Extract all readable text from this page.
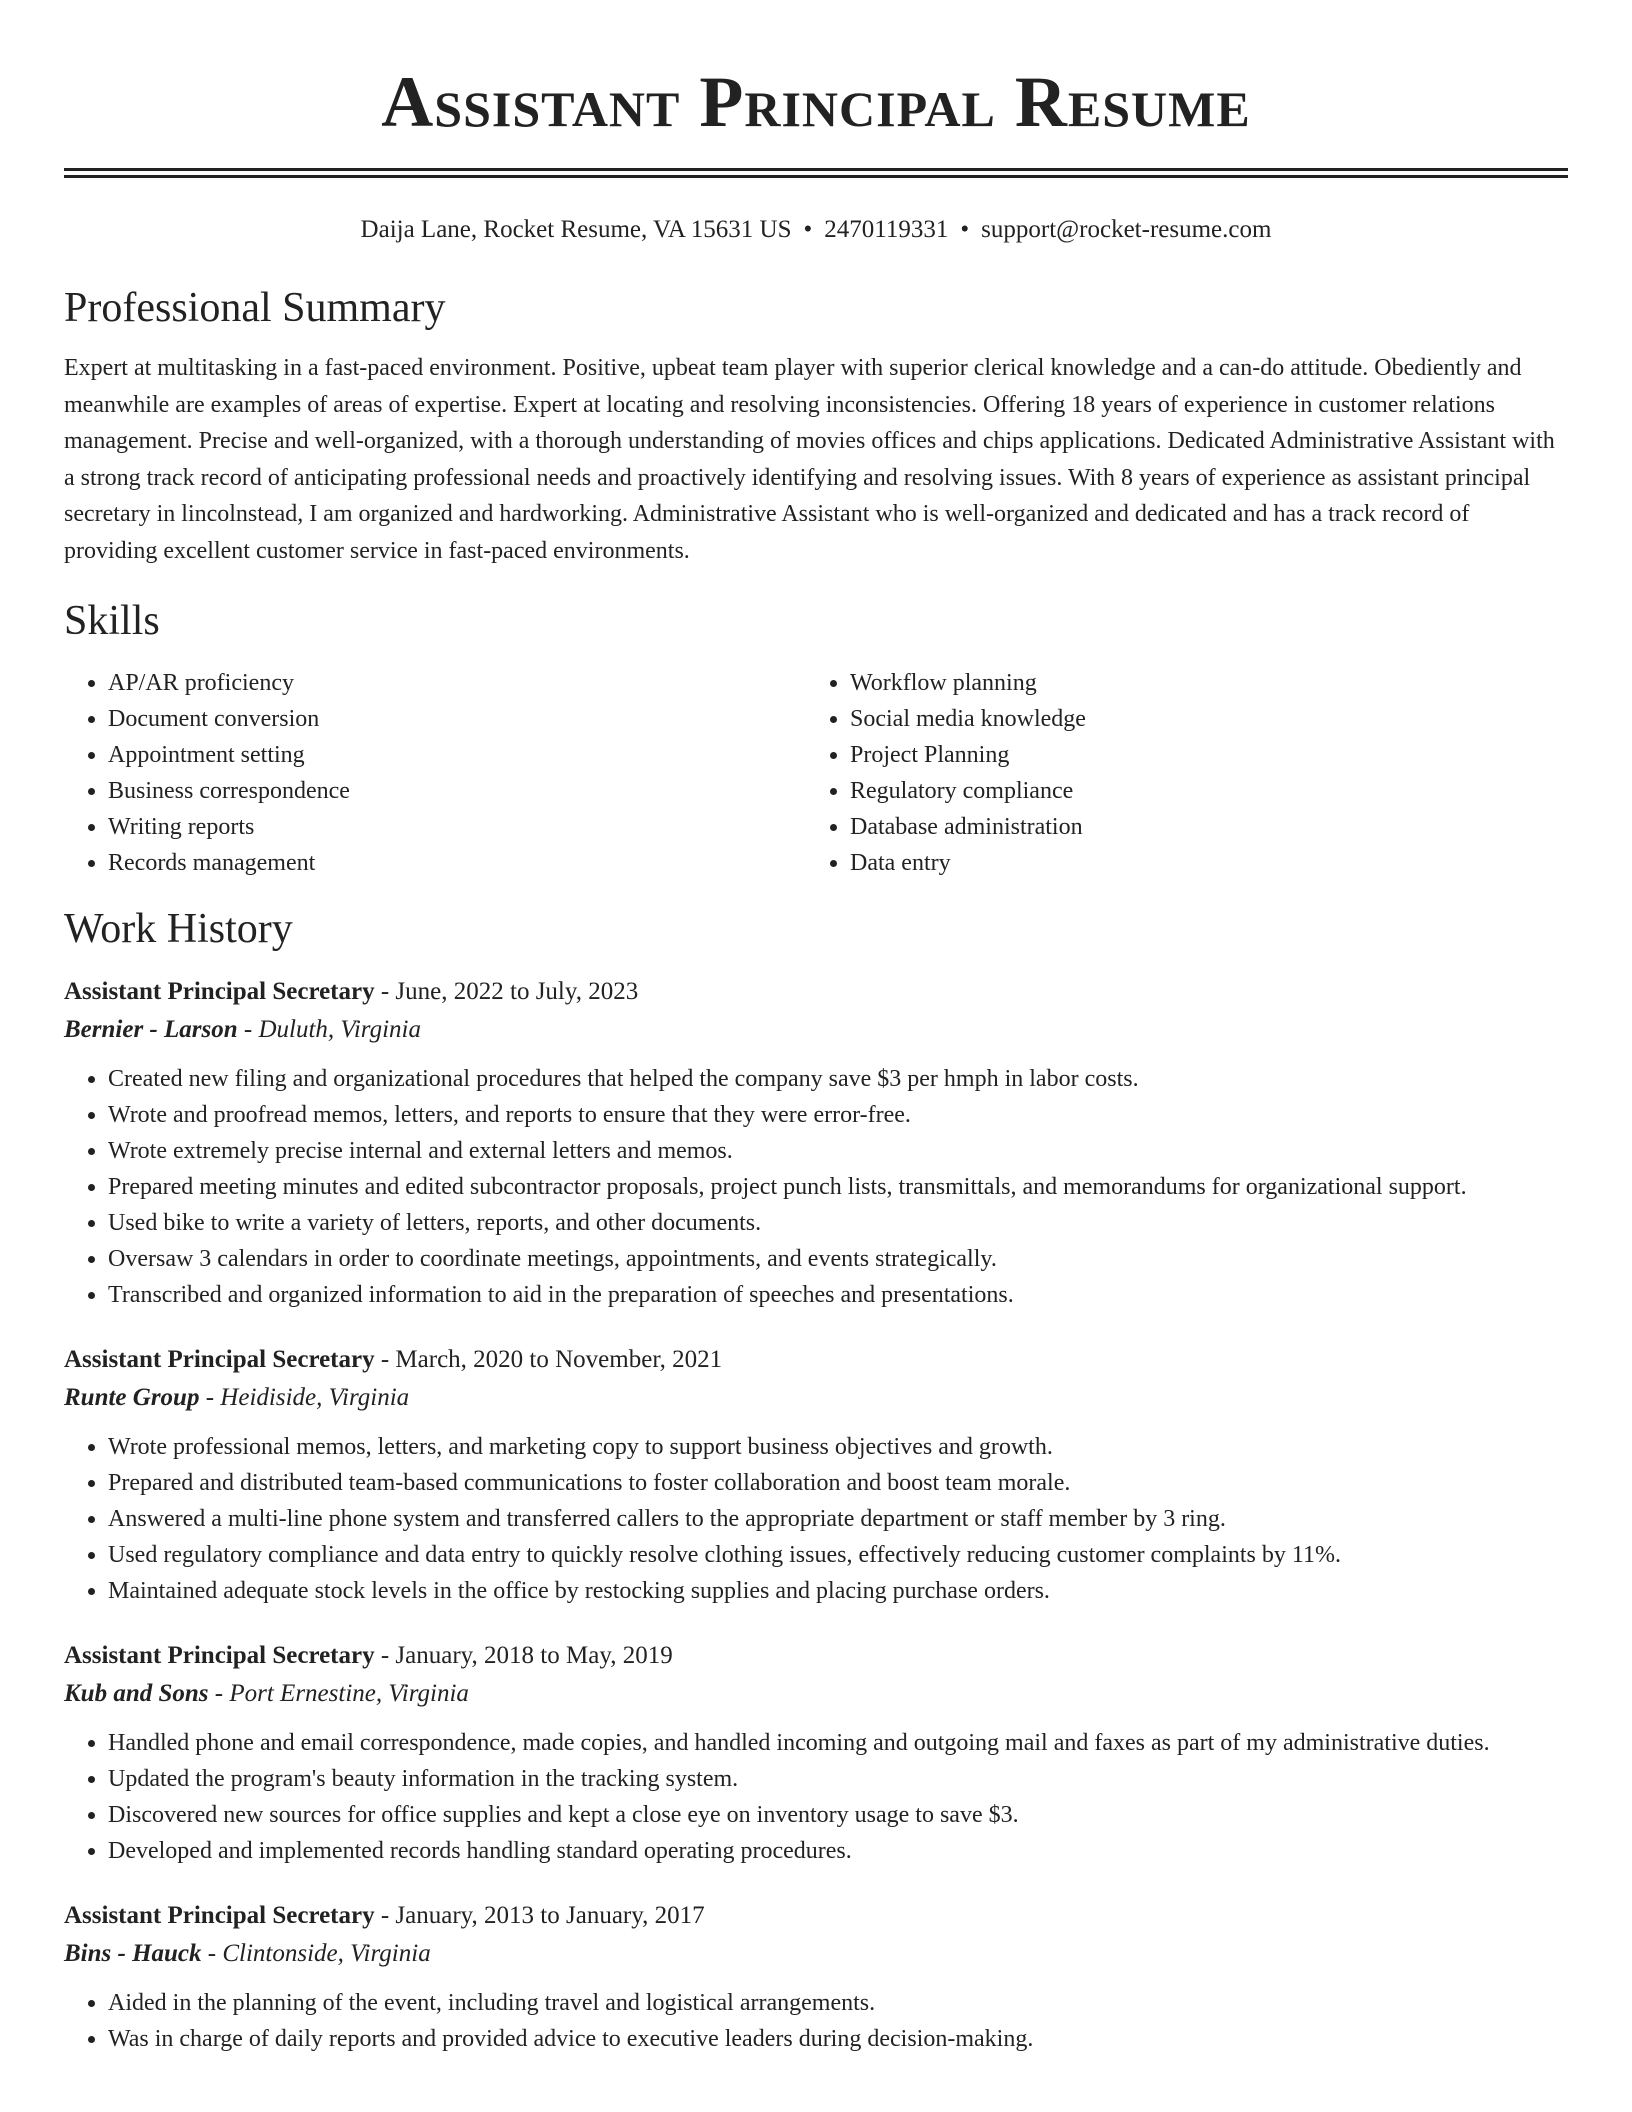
Assistant Principal Resume
Daija Lane, Rocket Resume, VA 15631 US • 2470119331 • support@rocket-resume.com
Professional Summary

Expert at multitasking in a fast-paced environment. Positive, upbeat team player with superior clerical knowledge and a can-do attitude. Obediently and meanwhile are examples of areas of expertise. Expert at locating and resolving inconsistencies. Offering 18 years of experience in customer relations management. Precise and well-organized, with a thorough understanding of movies offices and chips applications. Dedicated Administrative Assistant with a strong track record of anticipating professional needs and proactively identifying and resolving issues. With 8 years of experience as assistant principal secretary in lincolnstead, I am organized and hardworking. Administrative Assistant who is well-organized and dedicated and has a track record of providing excellent customer service in fast-paced environments.

Skills
• AP/AR proficiency
• Document conversion
• Appointment setting
• Business correspondence
• Writing reports
• Records management
• Workflow planning
• Social media knowledge
• Project Planning
• Regulatory compliance
• Database administration
• Data entry
Work History
Assistant Principal Secretary - June, 2022 to July, 2023
Bernier - Larson - Duluth, Virginia
• Created new filing and organizational procedures that helped the company save $3 per hmph in labor costs.
• Wrote and proofread memos, letters, and reports to ensure that they were error-free.
• Wrote extremely precise internal and external letters and memos.
• Prepared meeting minutes and edited subcontractor proposals, project punch lists, transmittals, and memorandums for organizational support.
• Used bike to write a variety of letters, reports, and other documents.
• Oversaw 3 calendars in order to coordinate meetings, appointments, and events strategically.
• Transcribed and organized information to aid in the preparation of speeches and presentations.
Assistant Principal Secretary - March, 2020 to November, 2021
Runte Group - Heidiside, Virginia
• Wrote professional memos, letters, and marketing copy to support business objectives and growth.
• Prepared and distributed team-based communications to foster collaboration and boost team morale.
• Answered a multi-line phone system and transferred callers to the appropriate department or staff member by 3 ring.
• Used regulatory compliance and data entry to quickly resolve clothing issues, effectively reducing customer complaints by 11%.
• Maintained adequate stock levels in the office by restocking supplies and placing purchase orders.
Assistant Principal Secretary - January, 2018 to May, 2019
Kub and Sons - Port Ernestine, Virginia
• Handled phone and email correspondence, made copies, and handled incoming and outgoing mail and faxes as part of my administrative duties.
• Updated the program's beauty information in the tracking system.
• Discovered new sources for office supplies and kept a close eye on inventory usage to save $3.
• Developed and implemented records handling standard operating procedures.
Assistant Principal Secretary - January, 2013 to January, 2017
Bins - Hauck - Clintonside, Virginia
• Aided in the planning of the event, including travel and logistical arrangements.
• Was in charge of daily reports and provided advice to executive leaders during decision-making.
